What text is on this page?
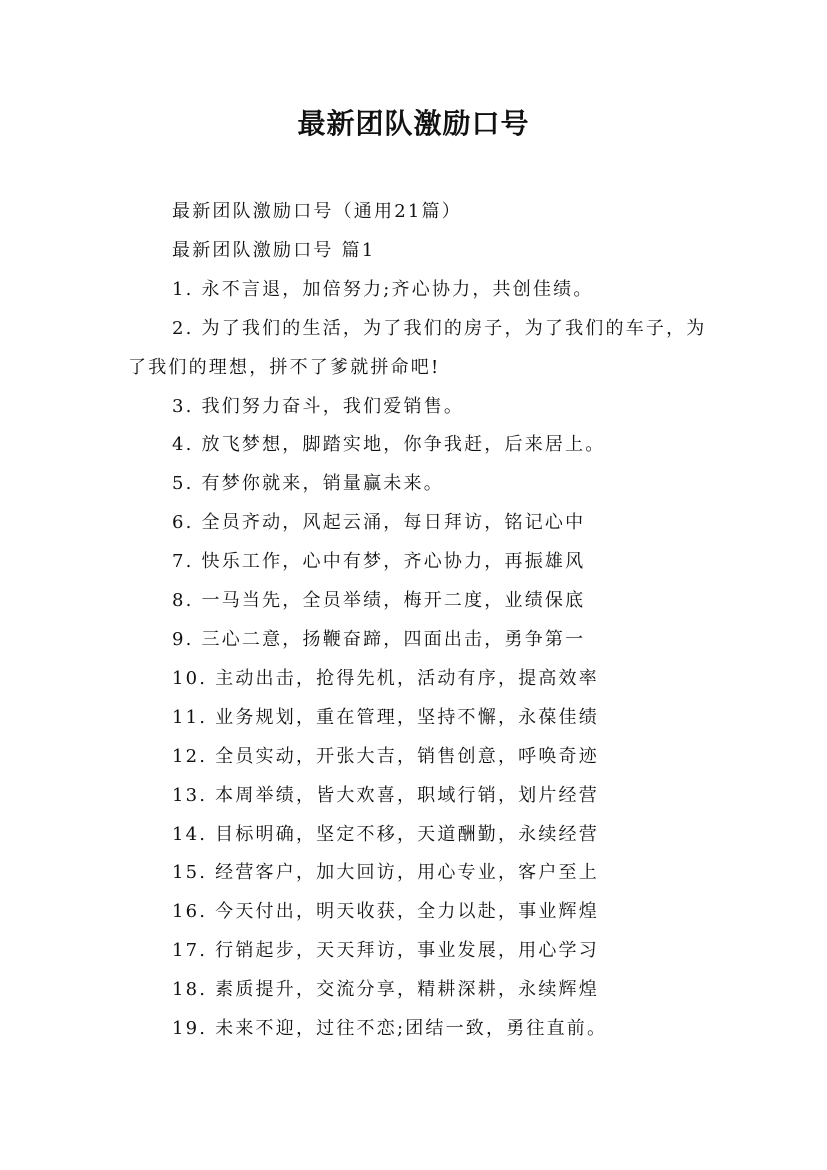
最新团队激励口号

最新团队激励口号（通用21篇）

最新团队激励口号 篇1

1. 永不言退，加倍努力;齐心协力，共创佳绩。

2. 为了我们的生活，为了我们的房子，为了我们的车子，为了我们的理想，拼不了爹就拼命吧!

3. 我们努力奋斗，我们爱销售。

4. 放飞梦想，脚踏实地，你争我赶，后来居上。

5. 有梦你就来，销量赢未来。

6. 全员齐动，风起云涌，每日拜访，铭记心中

7. 快乐工作，心中有梦，齐心协力，再振雄风

8. 一马当先，全员举绩，梅开二度，业绩保底

9. 三心二意，扬鞭奋蹄，四面出击，勇争第一

10. 主动出击，抢得先机，活动有序，提高效率

11. 业务规划，重在管理，坚持不懈，永葆佳绩

12. 全员实动，开张大吉，销售创意，呼唤奇迹

13. 本周举绩，皆大欢喜，职域行销，划片经营

14. 目标明确，坚定不移，天道酬勤，永续经营

15. 经营客户，加大回访，用心专业，客户至上

16. 今天付出，明天收获，全力以赴，事业辉煌

17. 行销起步，天天拜访，事业发展，用心学习

18. 素质提升，交流分享，精耕深耕，永续辉煌

19. 未来不迎，过往不恋;团结一致，勇往直前。
